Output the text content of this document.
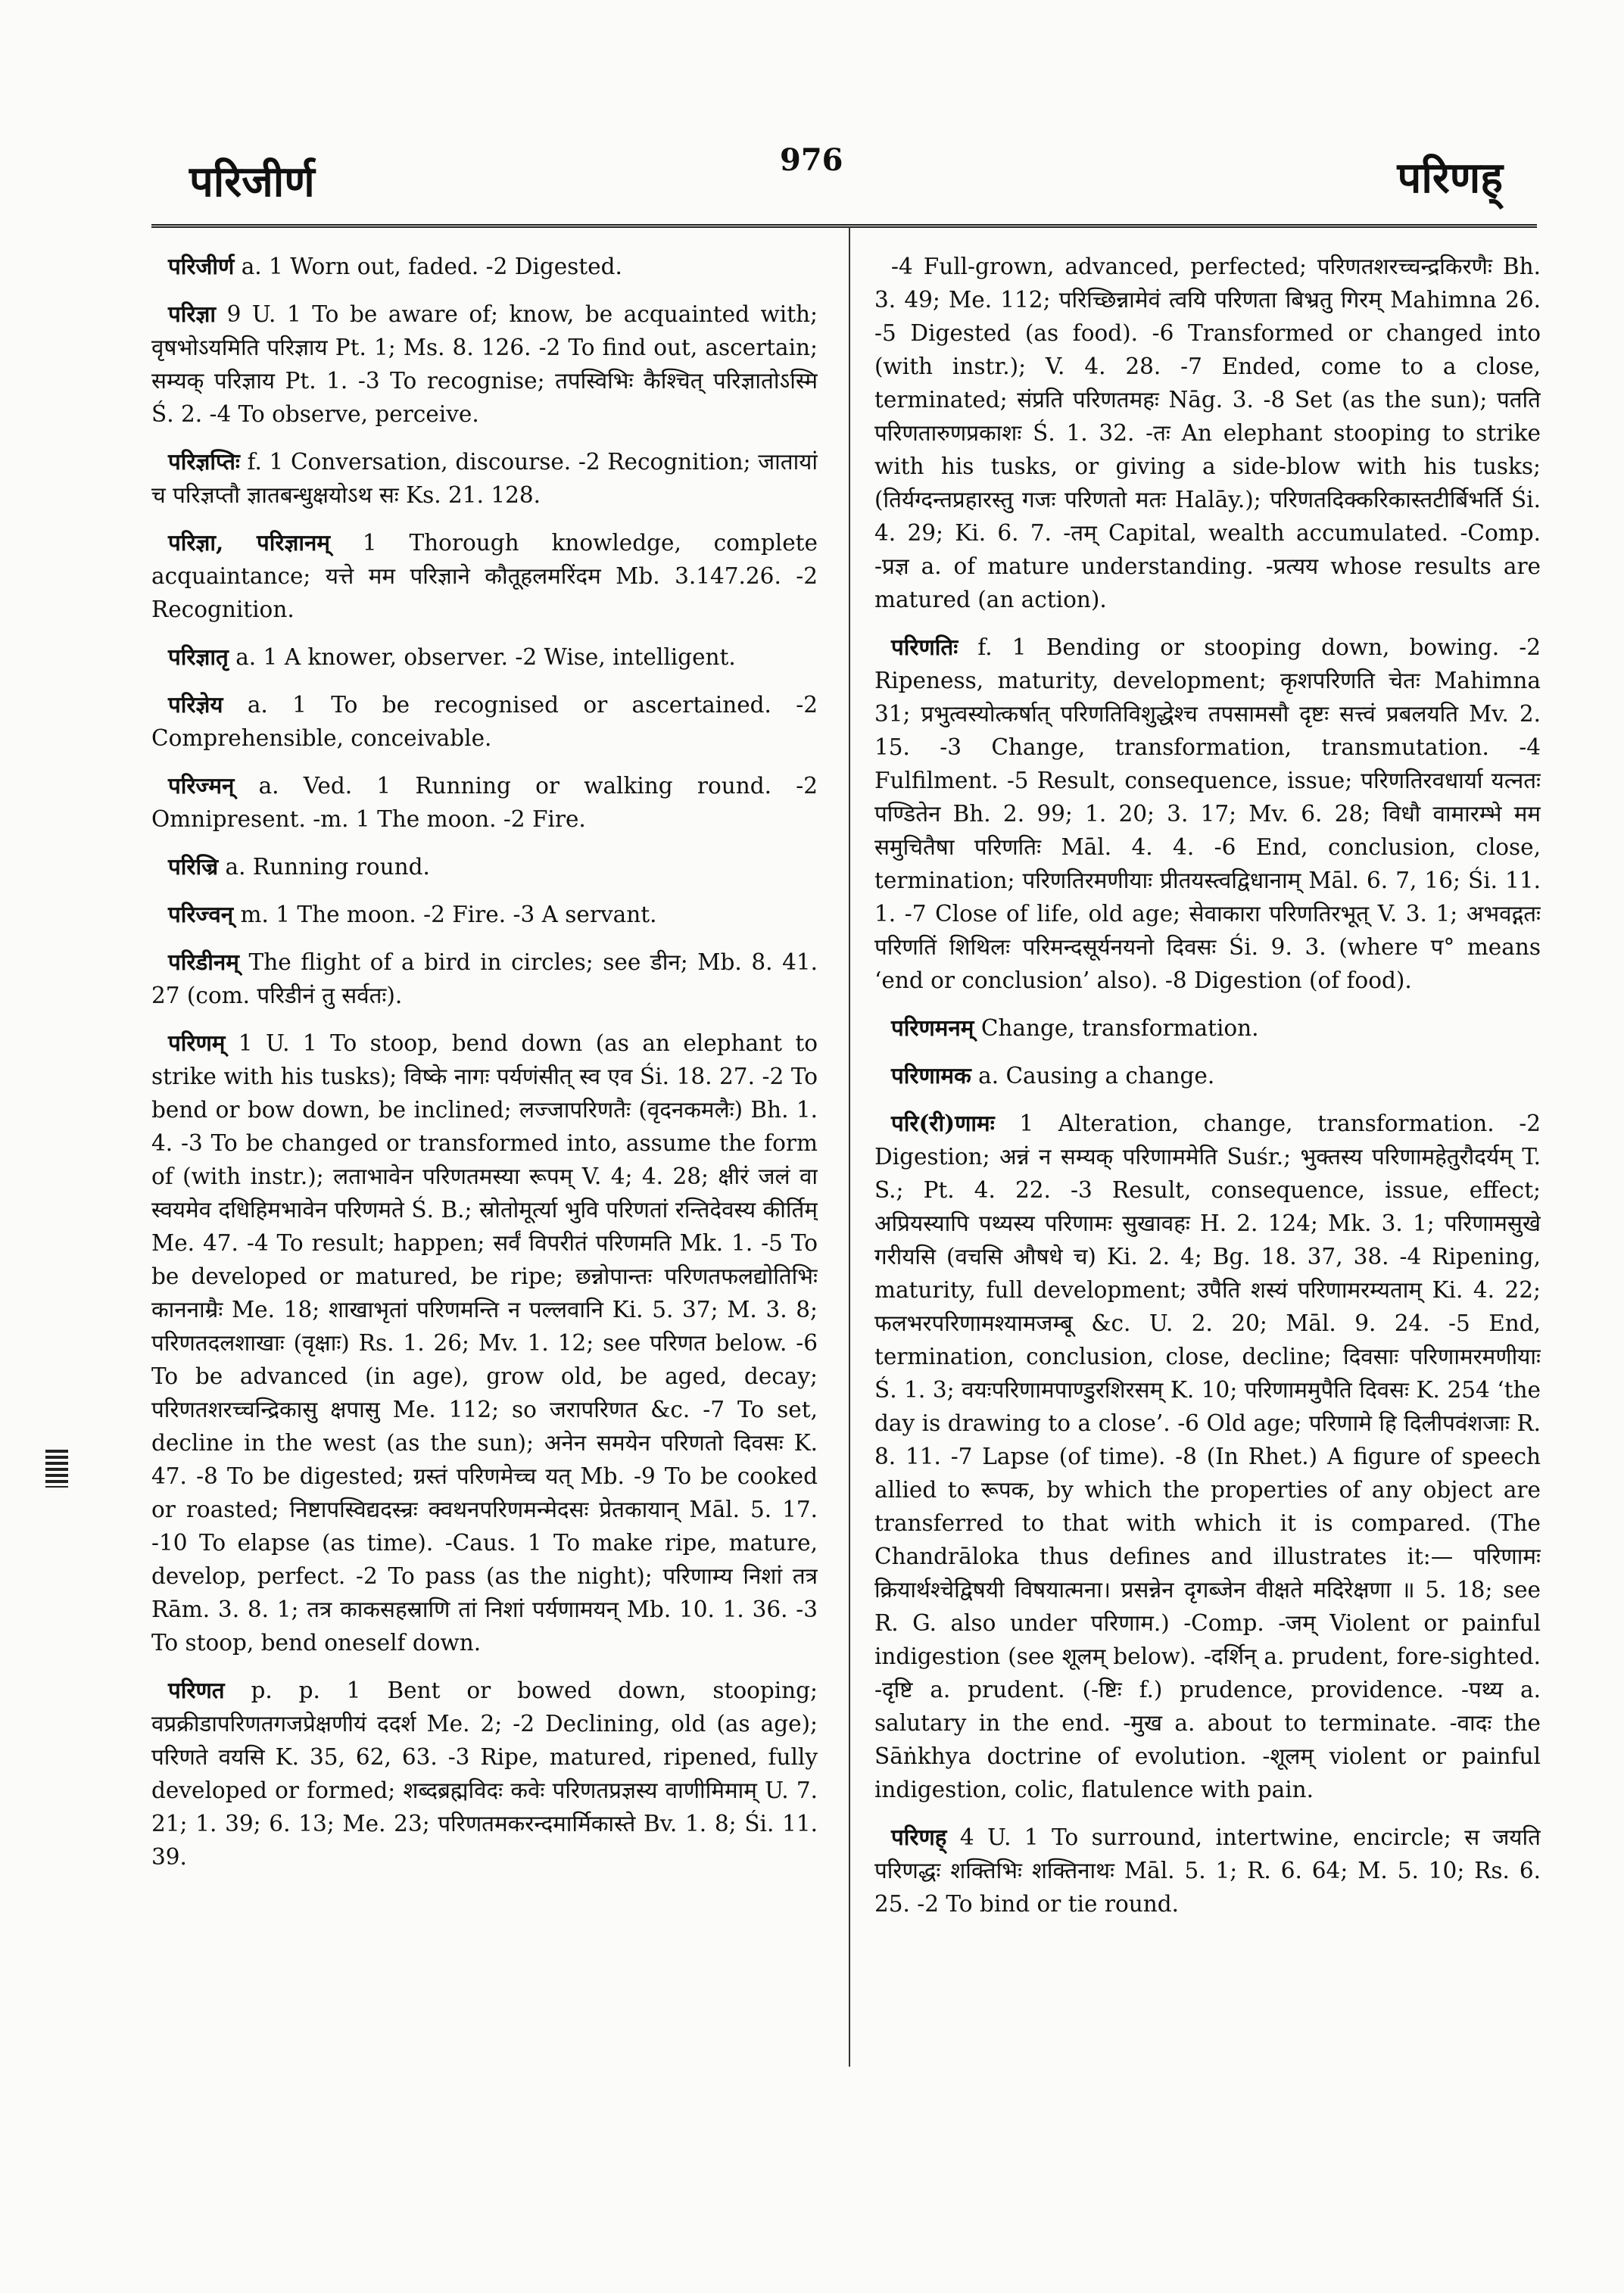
परिजीर्ण	976	परिणह्

परिजीर्ण a. 1 Worn out, faded. -2 Digested.

परिज्ञा 9 U. 1 To be aware of; know, be acquainted with; वृषभोऽयमिति परिज्ञाय Pt. 1; Ms. 8. 126. -2 To find out, ascertain; सम्यक् परिज्ञाय Pt. 1. -3 To recognise; तपस्विभिः कैश्चित् परिज्ञातोऽस्मि Ś. 2. -4 To observe, perceive.

परिज्ञप्तिः f. 1 Conversation, discourse. -2 Recognition; जातायां च परिज्ञप्तौ ज्ञातबन्धुक्षयोऽथ सः Ks. 21. 128.

परिज्ञा, परिज्ञानम् 1 Thorough knowledge, complete acquaintance; यत्ते मम परिज्ञाने कौतूहलमरिंदम Mb. 3.147.26. -2 Recognition.

परिज्ञातृ a. 1 A knower, observer. -2 Wise, intelligent.

परिज्ञेय a. 1 To be recognised or ascertained. -2 Comprehensible, conceivable.

परिज्मन् a. Ved. 1 Running or walking round. -2 Omnipresent. -m. 1 The moon. -2 Fire.

परिज्रि a. Running round.

परिज्वन् m. 1 The moon. -2 Fire. -3 A servant.

परिडीनम् The flight of a bird in circles; see डीन; Mb. 8. 41. 27 (com. परिडीनं तु सर्वतः).

परिणम् 1 U. 1 To stoop, bend down (as an elephant to strike with his tusks); विष्के नागः पर्यणंसीत् स्व एव Śi. 18. 27. -2 To bend or bow down, be inclined; लज्जापरिणतैः (वृदनकमलैः) Bh. 1. 4. -3 To be changed or transformed into, assume the form of (with instr.); लताभावेन परिणतमस्या रूपम् V. 4; 4. 28; क्षीरं जलं वा स्वयमेव दधिहिमभावेन परिणमते Ś. B.; स्रोतोमूर्त्या भुवि परिणतां रन्तिदेवस्य कीर्तिम् Me. 47. -4 To result; happen; सर्वं विपरीतं परिणमति Mk. 1. -5 To be developed or matured, be ripe; छन्नोपान्तः परिणतफलद्योतिभिः काननाम्रैः Me. 18; शाखाभृतां परिणमन्ति न पल्लवानि Ki. 5. 37; M. 3. 8; परिणतदलशाखाः (वृक्षाः) Rs. 1. 26; Mv. 1. 12; see परिणत below. -6 To be advanced (in age), grow old, be aged, decay; परिणतशरच्चन्द्रिकासु क्षपासु Me. 112; so जरापरिणत &c. -7 To set, decline in the west (as the sun); अनेन समयेन परिणतो दिवसः K. 47. -8 To be digested; ग्रस्तं परिणमेच्च यत् Mb. -9 To be cooked or roasted; निष्टापस्विद्यदस्न्रः क्वथनपरिणमन्मेदसः प्रेतकायान् Māl. 5. 17. -10 To elapse (as time). -Caus. 1 To make ripe, mature, develop, perfect. -2 To pass (as the night); परिणाम्य निशां तत्र Rām. 3. 8. 1; तत्र काकसहस्राणि तां निशां पर्यणामयन् Mb. 10. 1. 36. -3 To stoop, bend oneself down.

परिणत p. p. 1 Bent or bowed down, stooping; वप्रक्रीडापरिणतगजप्रेक्षणीयं ददर्श Me. 2; -2 Declining, old (as age); परिणते वयसि K. 35, 62, 63. -3 Ripe, matured, ripened, fully developed or formed; शब्दब्रह्मविदः कवेः परिणतप्रज्ञस्य वाणीमिमाम् U. 7. 21; 1. 39; 6. 13; Me. 23; परिणतमकरन्दमार्मिकास्ते Bv. 1. 8; Śi. 11. 39.

-4 Full-grown, advanced, perfected; परिणतशरच्चन्द्रकिरणैः Bh. 3. 49; Me. 112; परिच्छिन्नामेवं त्वयि परिणता बिभ्रतु गिरम् Mahimna 26. -5 Digested (as food). -6 Transformed or changed into (with instr.); V. 4. 28. -7 Ended, come to a close, terminated; संप्रति परिणतमहः Nāg. 3. -8 Set (as the sun); पतति परिणतारुणप्रकाशः Ś. 1. 32. -तः An elephant stooping to strike with his tusks, or giving a side-blow with his tusks; (तिर्यग्दन्तप्रहारस्तु गजः परिणतो मतः Halāy.); परिणतदिक्करिकास्तटीर्बिभर्ति Śi. 4. 29; Ki. 6. 7. -तम् Capital, wealth accumulated. -Comp. -प्रज्ञ a. of mature understanding. -प्रत्यय whose results are matured (an action).

परिणतिः f. 1 Bending or stooping down, bowing. -2 Ripeness, maturity, development; कृशपरिणति चेतः Mahimna 31; प्रभुत्वस्योत्कर्षात् परिणतिविशुद्धेश्च तपसामसौ दृष्टः सत्त्वं प्रबलयति Mv. 2. 15. -3 Change, transformation, transmutation. -4 Fulfilment. -5 Result, consequence, issue; परिणतिरवधार्या यत्नतः पण्डितेन Bh. 2. 99; 1. 20; 3. 17; Mv. 6. 28; विधौ वामारम्भे मम समुचितैषा परिणतिः Māl. 4. 4. -6 End, conclusion, close, termination; परिणतिरमणीयाः प्रीतयस्त्वद्विधानाम् Māl. 6. 7, 16; Śi. 11. 1. -7 Close of life, old age; सेवाकारा परिणतिरभूत् V. 3. 1; अभवद्गतः परिणतिं शिथिलः परिमन्दसूर्यनयनो दिवसः Śi. 9. 3. (where प° means ‘end or conclusion’ also). -8 Digestion (of food).

परिणमनम् Change, transformation.

परिणामक a. Causing a change.

परि(री)णामः 1 Alteration, change, transformation. -2 Digestion; अन्नं न सम्यक् परिणाममेति Suśr.; भुक्तस्य परिणामहेतुरौदर्यम् T. S.; Pt. 4. 22. -3 Result, consequence, issue, effect; अप्रियस्यापि पथ्यस्य परिणामः सुखावहः H. 2. 124; Mk. 3. 1; परिणामसुखे गरीयसि (वचसि औषधे च) Ki. 2. 4; Bg. 18. 37, 38. -4 Ripening, maturity, full development; उपैति शस्यं परिणामरम्यताम् Ki. 4. 22; फलभरपरिणामश्यामजम्बू &c. U. 2. 20; Māl. 9. 24. -5 End, termination, conclusion, close, decline; दिवसाः परिणामरमणीयाः Ś. 1. 3; वयःपरिणामपाण्डुरशिरसम् K. 10; परिणाममुपैति दिवसः K. 254 ‘the day is drawing to a close’. -6 Old age; परिणामे हि दिलीपवंशजाः R. 8. 11. -7 Lapse (of time). -8 (In Rhet.) A figure of speech allied to रूपक, by which the properties of any object are transferred to that with which it is compared. (The Chandrāloka thus defines and illustrates it:— परिणामः क्रियार्थश्चेद्विषयी विषयात्मना। प्रसन्नेन दृगब्जेन वीक्षते मदिरेक्षणा ॥ 5. 18; see R. G. also under परिणाम.) -Comp. -जम् Violent or painful indigestion (see शूलम् below). -दर्शिन् a. prudent, fore-sighted. -दृष्टि a. prudent. (-ष्टिः f.) prudence, providence. -पथ्य a. salutary in the end. -मुख a. about to terminate. -वादः the Sāṅkhya doctrine of evolution. -शूलम् violent or painful indigestion, colic, flatulence with pain.

परिणह् 4 U. 1 To surround, intertwine, encircle; स जयति परिणद्धः शक्तिभिः शक्तिनाथः Māl. 5. 1; R. 6. 64; M. 5. 10; Rs. 6. 25. -2 To bind or tie round.
